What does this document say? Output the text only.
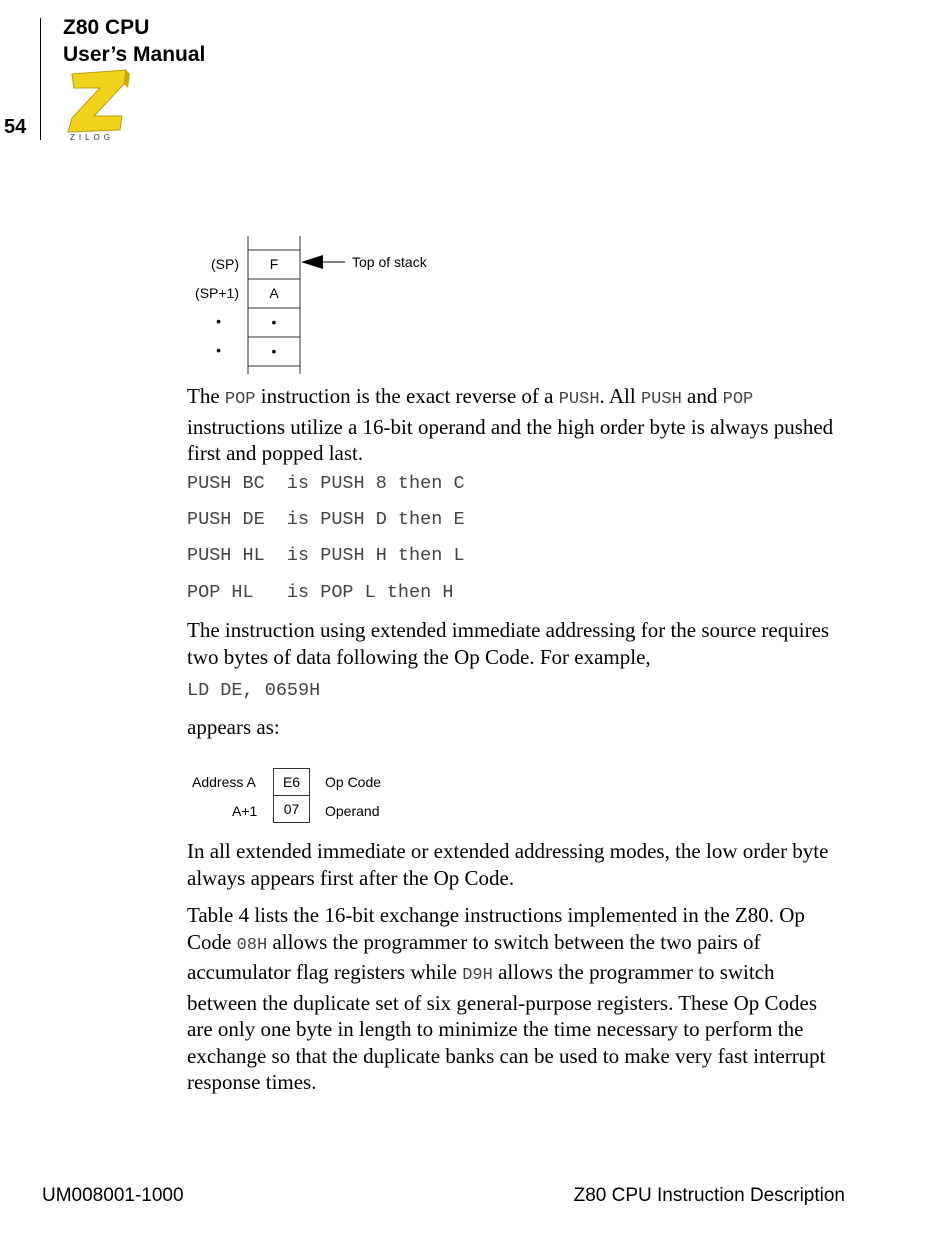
Z80 CPU
User’s Manual
54	ZILOG
(SP)
(SP+1)
•
•
F
A
•
•
Top of stack
The POP instruction is the exact reverse of a PUSH. All PUSH and POP instructions utilize a 16-bit operand and the high order byte is always pushed first and popped last.
PUSH BC  is PUSH 8 then C
PUSH DE  is PUSH D then E
PUSH HL  is PUSH H then L
POP HL   is POP L then H
The instruction using extended immediate addressing for the source requires two bytes of data following the Op Code. For example,
LD DE, 0659H
appears as:
Address A
A+1
E6
07
Op Code
Operand
In all extended immediate or extended addressing modes, the low order byte always appears first after the Op Code.
Table 4 lists the 16-bit exchange instructions implemented in the Z80. Op Code 08H allows the programmer to switch between the two pairs of accumulator flag registers while D9H allows the programmer to switch between the duplicate set of six general-purpose registers. These Op Codes are only one byte in length to minimize the time necessary to perform the exchange so that the duplicate banks can be used to make very fast interrupt response times.
UM008001-1000	Z80 CPU Instruction Description
